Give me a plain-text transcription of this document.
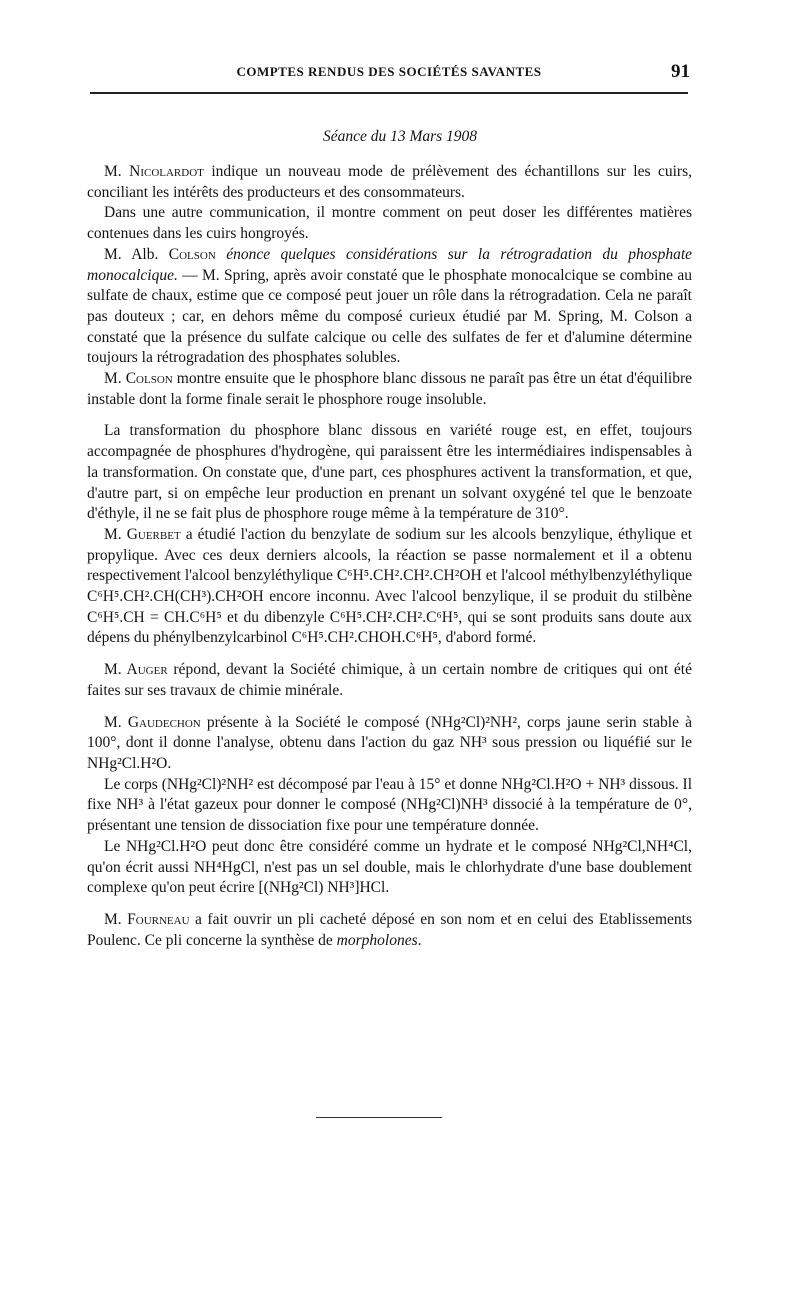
COMPTES RENDUS DES SOCIÉTÉS SAVANTES	91
Séance du 13 Mars 1908

M. Nicolardot indique un nouveau mode de prélèvement des échantillons sur les cuirs, conciliant les intérêts des producteurs et des consommateurs.

Dans une autre communication, il montre comment on peut doser les différentes matières contenues dans les cuirs hongroyés.

M. Alb. Colson énonce quelques considérations sur la rétrogradation du phosphate monocalcique. — M. Spring, après avoir constaté que le phosphate monocalcique se combine au sulfate de chaux, estime que ce composé peut jouer un rôle dans la rétrogradation. Cela ne paraît pas douteux ; car, en dehors même du composé curieux étudié par M. Spring, M. Colson a constaté que la présence du sulfate calcique ou celle des sulfates de fer et d'alumine détermine toujours la rétrogradation des phosphates solubles.

M. Colson montre ensuite que le phosphore blanc dissous ne paraît pas être un état d'équilibre instable dont la forme finale serait le phosphore rouge insoluble.

La transformation du phosphore blanc dissous en variété rouge est, en effet, toujours accompagnée de phosphures d'hydrogène, qui paraissent être les intermédiaires indispensables à la transformation. On constate que, d'une part, ces phosphures activent la transformation, et que, d'autre part, si on empêche leur production en prenant un solvant oxygéné tel que le benzoate d'éthyle, il ne se fait plus de phosphore rouge même à la température de 310°.

M. Guerbet a étudié l'action du benzylate de sodium sur les alcools benzylique, éthylique et propylique. Avec ces deux derniers alcools, la réaction se passe normalement et il a obtenu respectivement l'alcool benzyléthylique C⁶H⁵.CH².CH².CH²OH et l'alcool méthylbenzyléthylique C⁶H⁵.CH².CH(CH³).CH²OH encore inconnu. Avec l'alcool benzylique, il se produit du stilbène C⁶H⁵.CH = CH.C⁶H⁵ et du dibenzyle C⁶H⁵.CH².CH².C⁶H⁵, qui se sont produits sans doute aux dépens du phénylbenzylcarbinol C⁶H⁵.CH².CHOH.C⁶H⁵, d'abord formé.

M. Auger répond, devant la Société chimique, à un certain nombre de critiques qui ont été faites sur ses travaux de chimie minérale.

M. Gaudechon présente à la Société le composé (NHg²Cl)²NH², corps jaune serin stable à 100°, dont il donne l'analyse, obtenu dans l'action du gaz NH³ sous pression ou liquéfié sur le NHg²Cl.H²O.

Le corps (NHg²Cl)²NH² est décomposé par l'eau à 15° et donne NHg²Cl.H²O + NH³ dissous. Il fixe NH³ à l'état gazeux pour donner le composé (NHg²Cl)NH³ dissocié à la température de 0°, présentant une tension de dissociation fixe pour une température donnée.

Le NHg²Cl.H²O peut donc être considéré comme un hydrate et le composé NHg²Cl,NH⁴Cl, qu'on écrit aussi NH⁴HgCl, n'est pas un sel double, mais le chlorhydrate d'une base doublement complexe qu'on peut écrire [(NHg²Cl) NH³]HCl.

M. Fourneau a fait ouvrir un pli cacheté déposé en son nom et en celui des Etablissements Poulenc. Ce pli concerne la synthèse de morpholones.
